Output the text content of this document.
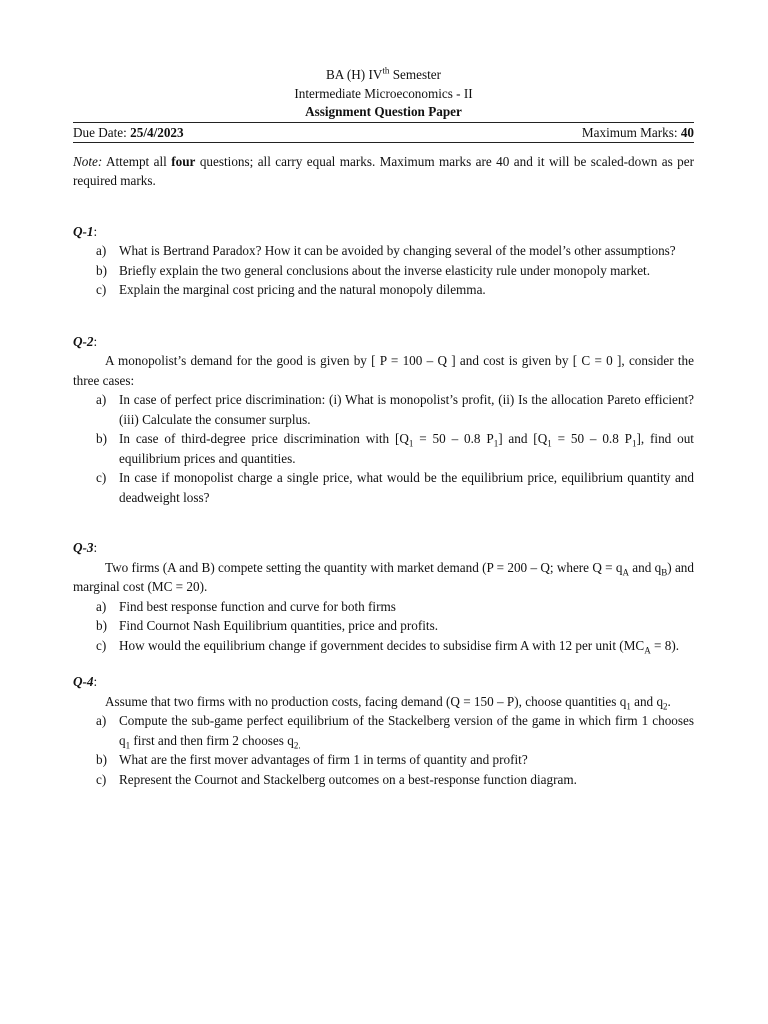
BA (H) IVth Semester
Intermediate Microeconomics - II
Assignment Question Paper
Due Date: 25/4/2023	Maximum Marks: 40
Note: Attempt all four questions; all carry equal marks. Maximum marks are 40 and it will be scaled-down as per required marks.
Q-1:
a) What is Bertrand Paradox? How it can be avoided by changing several of the model’s other assumptions?
b) Briefly explain the two general conclusions about the inverse elasticity rule under monopoly market.
c) Explain the marginal cost pricing and the natural monopoly dilemma.
Q-2:
A monopolist’s demand for the good is given by [ P = 100 – Q ] and cost is given by [ C = 0 ], consider the three cases:
a) In case of perfect price discrimination: (i) What is monopolist’s profit, (ii) Is the allocation Pareto efficient? (iii) Calculate the consumer surplus.
b) In case of third-degree price discrimination with [$Q_1 = 50 - 0.8$ $P_1$] and [$Q_1 = 50 - 0.8$ $P_1$], find out equilibrium prices and quantities.
c) In case if monopolist charge a single price, what would be the equilibrium price, equilibrium quantity and deadweight loss?
Q-3:
Two firms (A and B) compete setting the quantity with market demand (P = 200 – Q; where $Q = q_A$ and $q_B$) and marginal cost (MC = 20).
a) Find best response function and curve for both firms
b) Find Cournot Nash Equilibrium quantities, price and profits.
c) How would the equilibrium change if government decides to subsidise firm A with 12 per unit $(MC_A = 8)$.
Q-4:
Assume that two firms with no production costs, facing demand (Q = 150 – P), choose quantities $q_1$ and $q_2$.
a) Compute the sub-game perfect equilibrium of the Stackelberg version of the game in which firm 1 chooses $q_1$ first and then firm 2 chooses $q_{2.}$
b) What are the first mover advantages of firm 1 in terms of quantity and profit?
c) Represent the Cournot and Stackelberg outcomes on a best-response function diagram.
